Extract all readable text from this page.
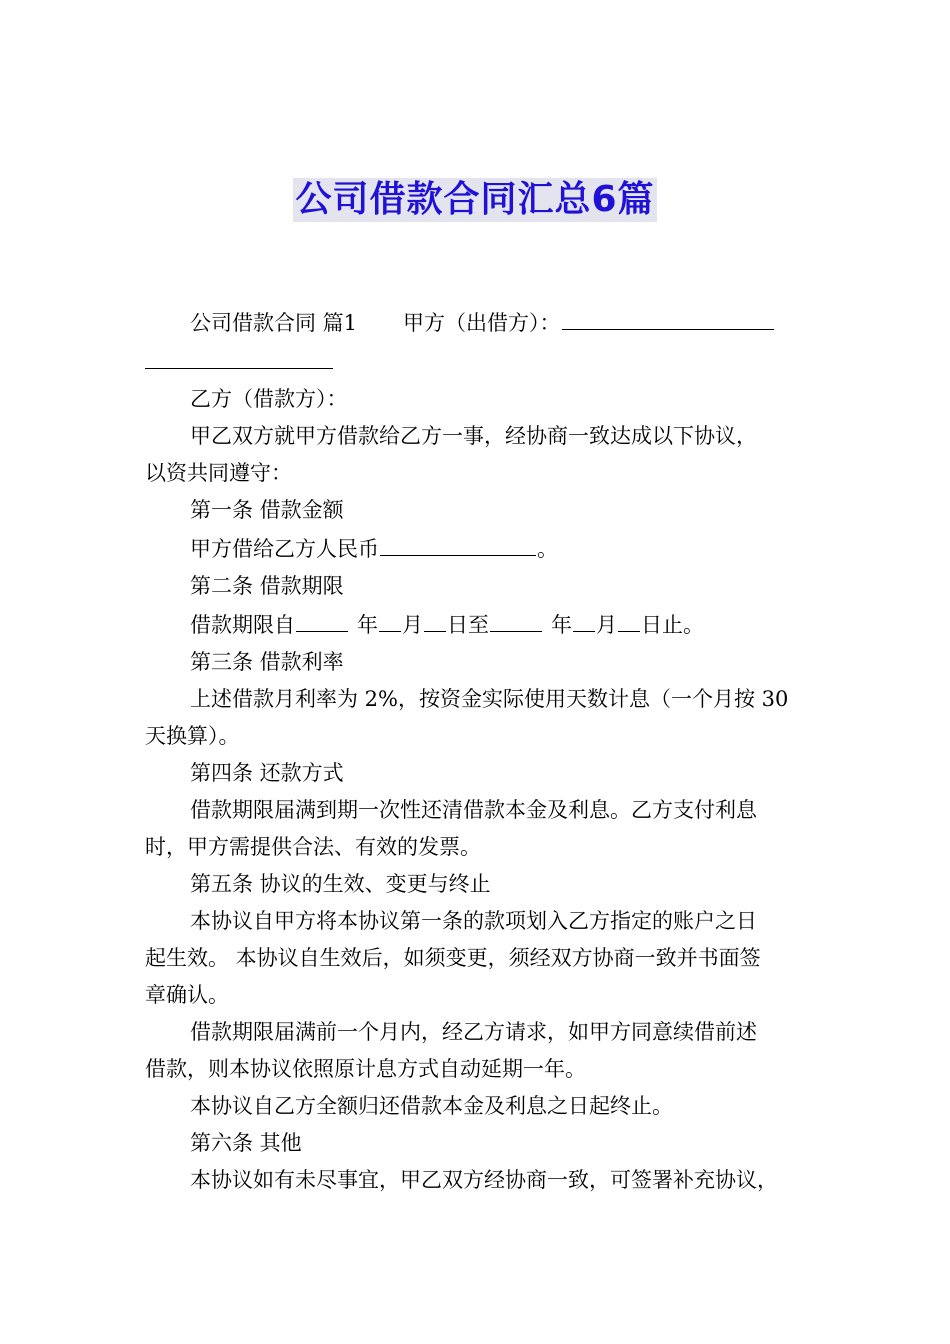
公司借款合同汇总6篇

公司借款合同 篇1 甲方（出借方）：

乙方（借款方）：

甲乙双方就甲方借款给乙方一事，经协商一致达成以下协议，

以资共同遵守：

第一条 借款金额

甲方借给乙方人民币	。

第二条 借款期限

借款期限自	年 月 日至	年 月 日止。

第三条 借款利率

上述借款月利率为 2%，按资金实际使用天数计息（一个月按 30

天换算）。

第四条 还款方式

借款期限届满到期一次性还清借款本金及利息。乙方支付利息

时，甲方需提供合法、有效的发票。

第五条 协议的生效、变更与终止

本协议自甲方将本协议第一条的款项划入乙方指定的账户之日

起生效。 本协议自生效后，如须变更，须经双方协商一致并书面签

章确认。

借款期限届满前一个月内，经乙方请求，如甲方同意续借前述

借款，则本协议依照原计息方式自动延期一年。

本协议自乙方全额归还借款本金及利息之日起终止。

第六条 其他

本协议如有未尽事宜，甲乙双方经协商一致，可签署补充协议，
